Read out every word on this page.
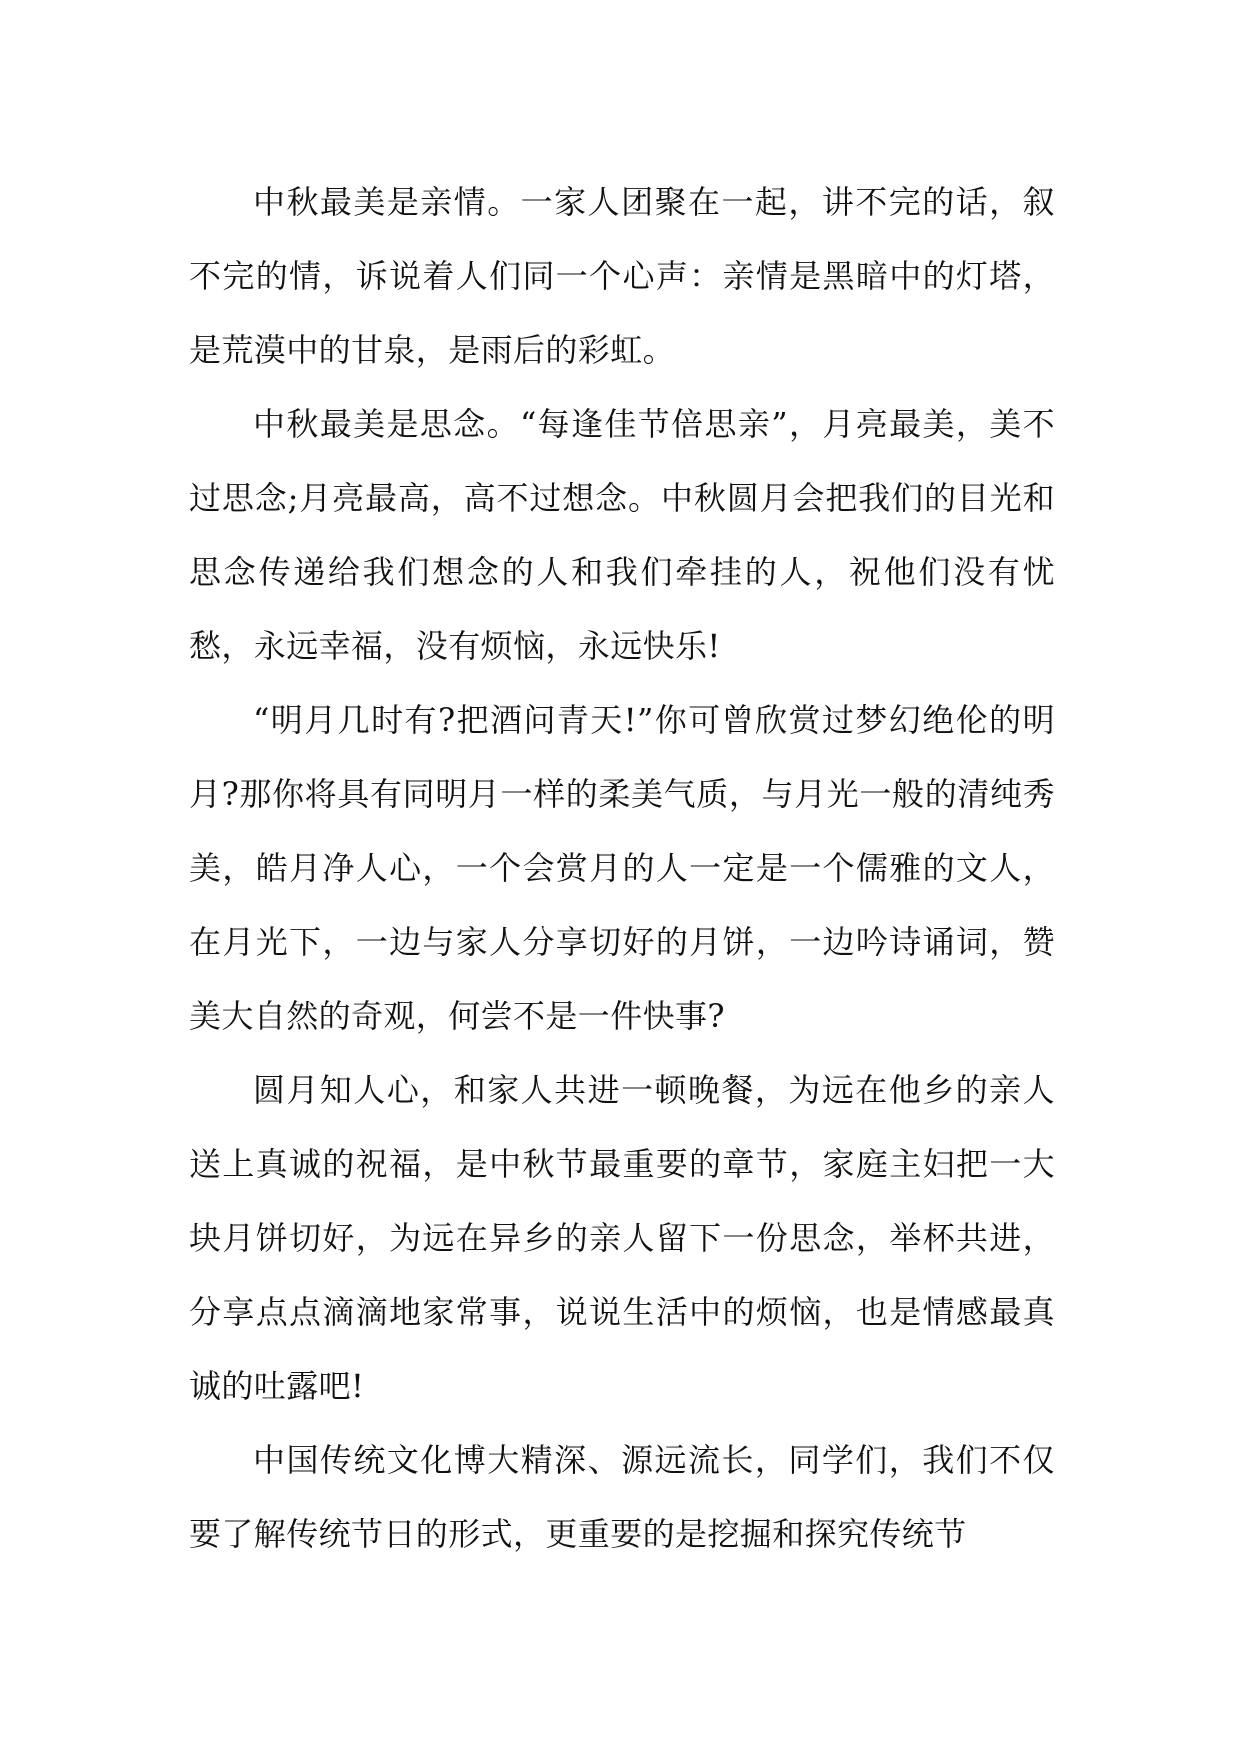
中秋最美是亲情。一家人团聚在一起，讲不完的话，叙不完的情，诉说着人们同一个心声：亲情是黑暗中的灯塔，是荒漠中的甘泉，是雨后的彩虹。

中秋最美是思念。“每逢佳节倍思亲”，月亮最美，美不过思念;月亮最高，高不过想念。中秋圆月会把我们的目光和思念传递给我们想念的人和我们牵挂的人，祝他们没有忧愁，永远幸福，没有烦恼，永远快乐!

“明月几时有?把酒问青天!”你可曾欣赏过梦幻绝伦的明月?那你将具有同明月一样的柔美气质，与月光一般的清纯秀美，皓月净人心，一个会赏月的人一定是一个儒雅的文人，在月光下，一边与家人分享切好的月饼，一边吟诗诵词，赞美大自然的奇观，何尝不是一件快事?

圆月知人心，和家人共进一顿晚餐，为远在他乡的亲人送上真诚的祝福，是中秋节最重要的章节，家庭主妇把一大块月饼切好，为远在异乡的亲人留下一份思念，举杯共进，分享点点滴滴地家常事，说说生活中的烦恼，也是情感最真诚的吐露吧!

中国传统文化博大精深、源远流长，同学们，我们不仅要了解传统节日的形式，更重要的是挖掘和探究传统节
